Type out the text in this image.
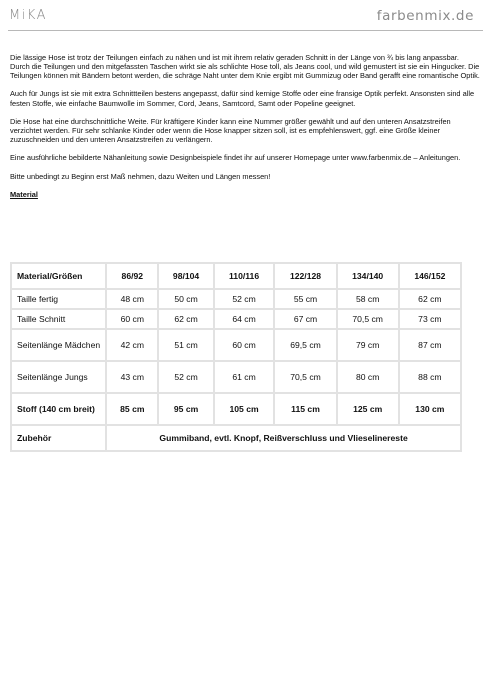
MiKA	farbenmix.de

Die lässige Hose ist trotz der Teilungen einfach zu nähen und ist mit ihrem relativ geraden Schnitt in der Länge von ¾ bis lang anpassbar. Durch die Teilungen und den mitgefassten Taschen wirkt sie als schlichte Hose toll, als Jeans cool, und wild gemustert ist sie ein Hingucker. Die Teilungen können mit Bändern betont werden, die schräge Naht unter dem Knie ergibt mit Gummizug oder Band gerafft eine romantische Optik.

Auch für Jungs ist sie mit extra Schnittteilen bestens angepasst, dafür sind kernige Stoffe oder eine fransige Optik perfekt. Ansonsten sind alle festen Stoffe, wie einfache Baumwolle im Sommer, Cord, Jeans, Samtcord, Samt oder Popeline geeignet.

Die Hose hat eine durchschnittliche Weite. Für kräftigere Kinder kann eine Nummer größer gewählt und auf den unteren Ansatzstreifen verzichtet werden. Für sehr schlanke Kinder oder wenn die Hose knapper sitzen soll, ist es empfehlenswert, ggf. eine Größe kleiner zuzuschneiden und den unteren Ansatzstreifen zu verlängern.

Eine ausführliche bebilderte Nähanleitung sowie Designbeispiele findet ihr auf unserer Homepage unter www.farbenmix.de – Anleitungen.

Bitte unbedingt zu Beginn erst Maß nehmen, dazu Weiten und Längen messen!

Material

Material/Größen	86/92	98/104	110/116	122/128	134/140	146/152
Taille fertig	48 cm	50 cm	52 cm	55 cm	58 cm	62 cm
Taille Schnitt	60 cm	62 cm	64 cm	67 cm	70,5 cm	73 cm
Seitenlänge Mädchen	42 cm	51 cm	60 cm	69,5 cm	79 cm	87 cm
Seitenlänge Jungs	43 cm	52 cm	61 cm	70,5 cm	80 cm	88 cm
Stoff (140 cm breit)	85 cm	95 cm	105 cm	115 cm	125 cm	130 cm
Zubehör	Gummiband, evtl. Knopf, Reißverschluss und Vlieselinereste					
